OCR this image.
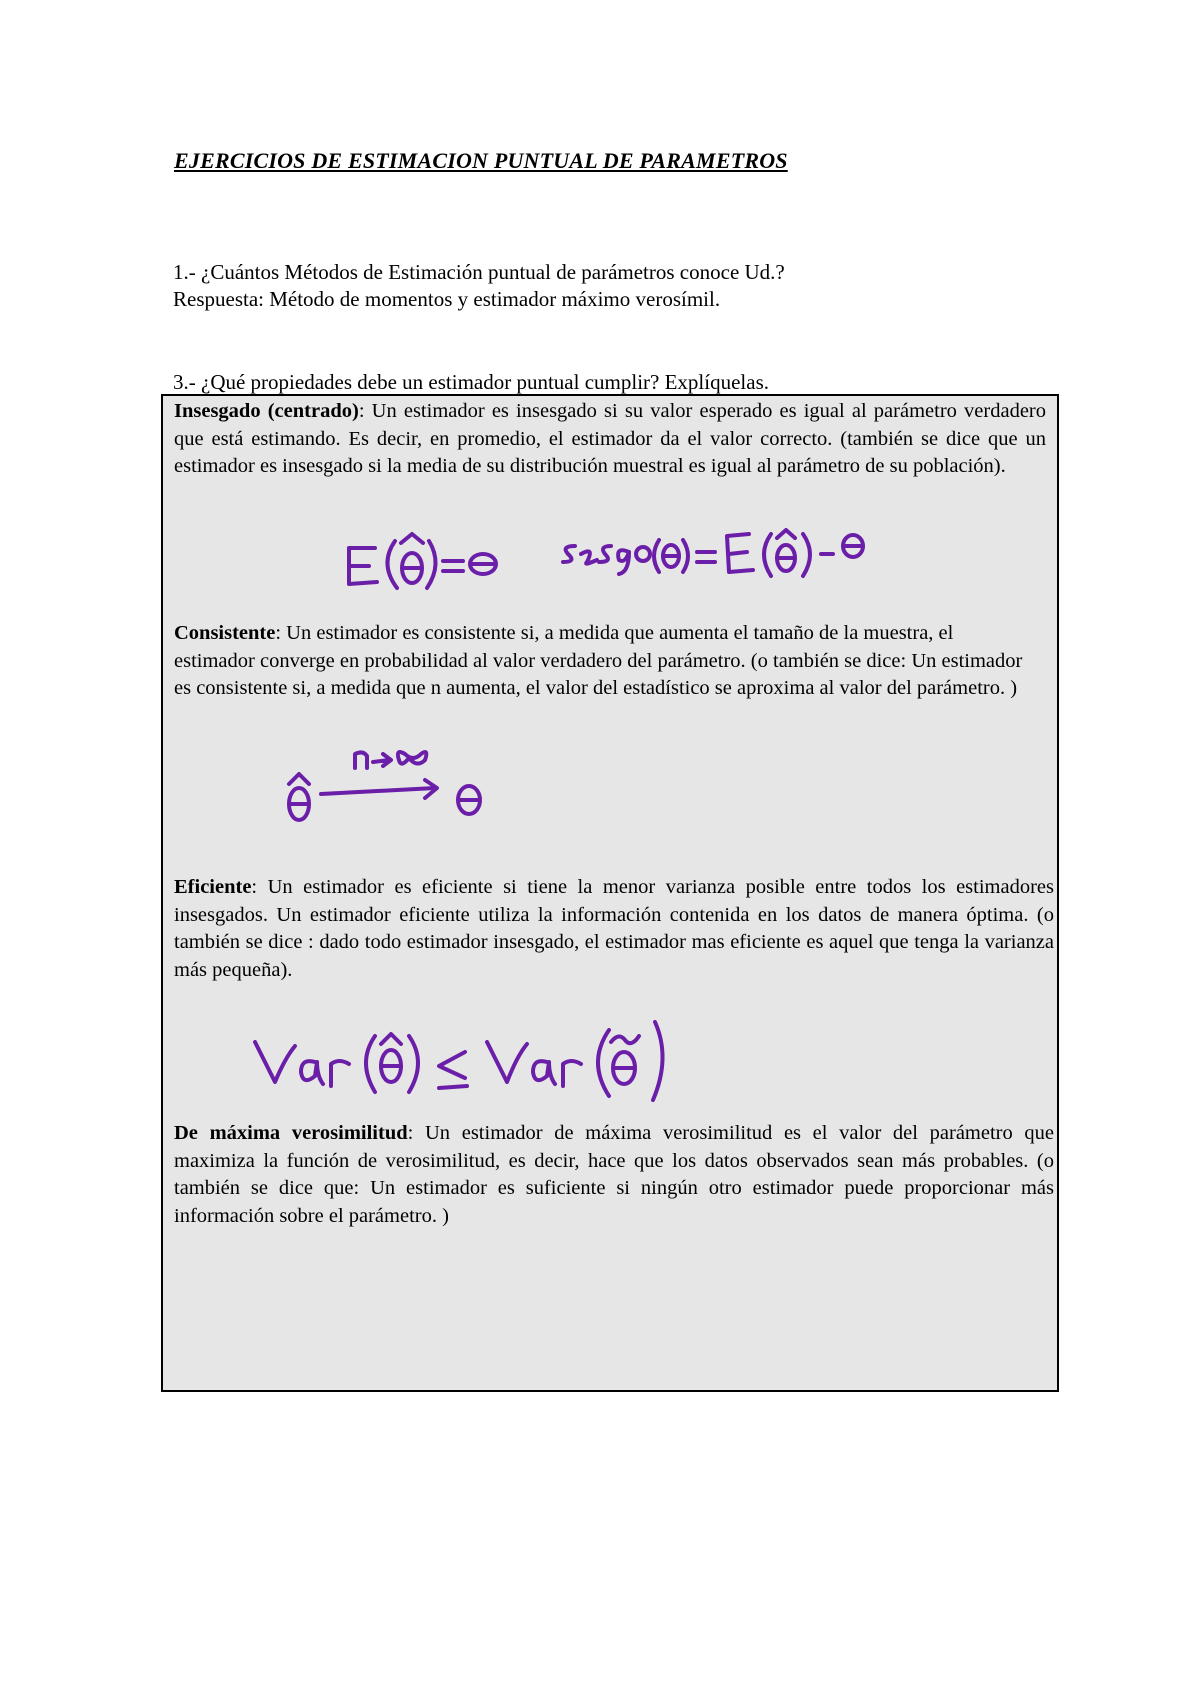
EJERCICIOS DE ESTIMACION PUNTUAL DE PARAMETROS
1.- ¿Cuántos Métodos de Estimación puntual de parámetros conoce Ud.?
Respuesta: Método de momentos y estimador máximo verosímil.
3.- ¿Qué propiedades debe un estimador puntual cumplir? Explíquelas.
Insesgado (centrado): Un estimador es insesgado si su valor esperado es igual al parámetro verdadero que está estimando. Es decir, en promedio, el estimador da el valor correcto. (también se dice que un estimador es insesgado si la media de su distribución muestral es igual al parámetro de su población).
Consistente: Un estimador es consistente si, a medida que aumenta el tamaño de la muestra, el estimador converge en probabilidad al valor verdadero del parámetro. (o también se dice: Un estimador es consistente si, a medida que n aumenta, el valor del estadístico se aproxima al valor del parámetro. )
Eficiente: Un estimador es eficiente si tiene la menor varianza posible entre todos los estimadores insesgados. Un estimador eficiente utiliza la información contenida en los datos de manera óptima. (o también se dice : dado todo estimador insesgado, el estimador mas eficiente es aquel que tenga la varianza más pequeña).
De máxima verosimilitud: Un estimador de máxima verosimilitud es el valor del parámetro que maximiza la función de verosimilitud, es decir, hace que los datos observados sean más probables. (o también se dice que: Un estimador es suficiente si ningún otro estimador puede proporcionar más información sobre el parámetro. )
